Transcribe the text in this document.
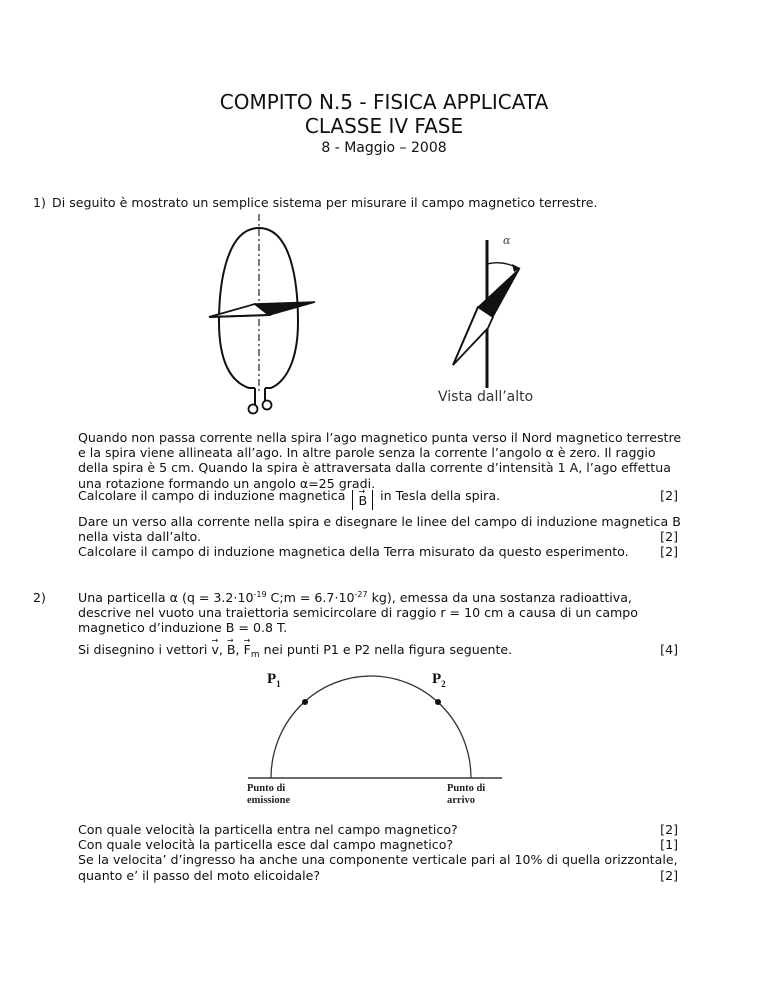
COMPITO N.5 - FISICA APPLICATA
CLASSE IV FASE
8 - Maggio – 2008
1) Di seguito è mostrato un semplice sistema per misurare il campo magnetico terrestre.
α
Vista dall’alto
Quando non passa corrente nella spira l’ago magnetico punta verso il Nord magnetico terrestre
e la spira viene allineata all’ago. In altre parole senza la corrente l’angolo α è zero. Il raggio
della spira è 5 cm. Quando la spira è attraversata dalla corrente d’intensità 1 A, l’ago effettua
una rotazione formando un angolo α=25 gradi.
Calcolare il campo di induzione magnetica → B in Tesla della spira.	[2]
Dare un verso alla corrente nella spira e disegnare le linee del campo di induzione magnetica B
nella vista dall’alto.	[2]
Calcolare il campo di induzione magnetica della Terra misurato da questo esperimento. [2]
2)	Una particella α ($q = 3.2\cdot 10^{-19}$ C;m = $6.7\cdot 10^{-27}$ kg), emessa da una sostanza radioattiva,
descrive nel vuoto una traiettoria semicircolare di raggio r = 10 cm a causa di un campo
magnetico d’induzione B = 0.8 T.
Si disegnino i vettori → v, → B, → $F_m$ nei punti P1 e P2 nella figura seguente.	[4]
$P_1$	$P_2$
Punto di
emissione
Punto di
arrivo
Con quale velocità la particella entra nel campo magnetico?	[2]
Con quale velocità la particella esce dal campo magnetico?	[1]
Se la velocita’ d’ingresso ha anche una componente verticale pari al 10% di quella orizzontale,
quanto e’ il passo del moto elicoidale?	[2]
